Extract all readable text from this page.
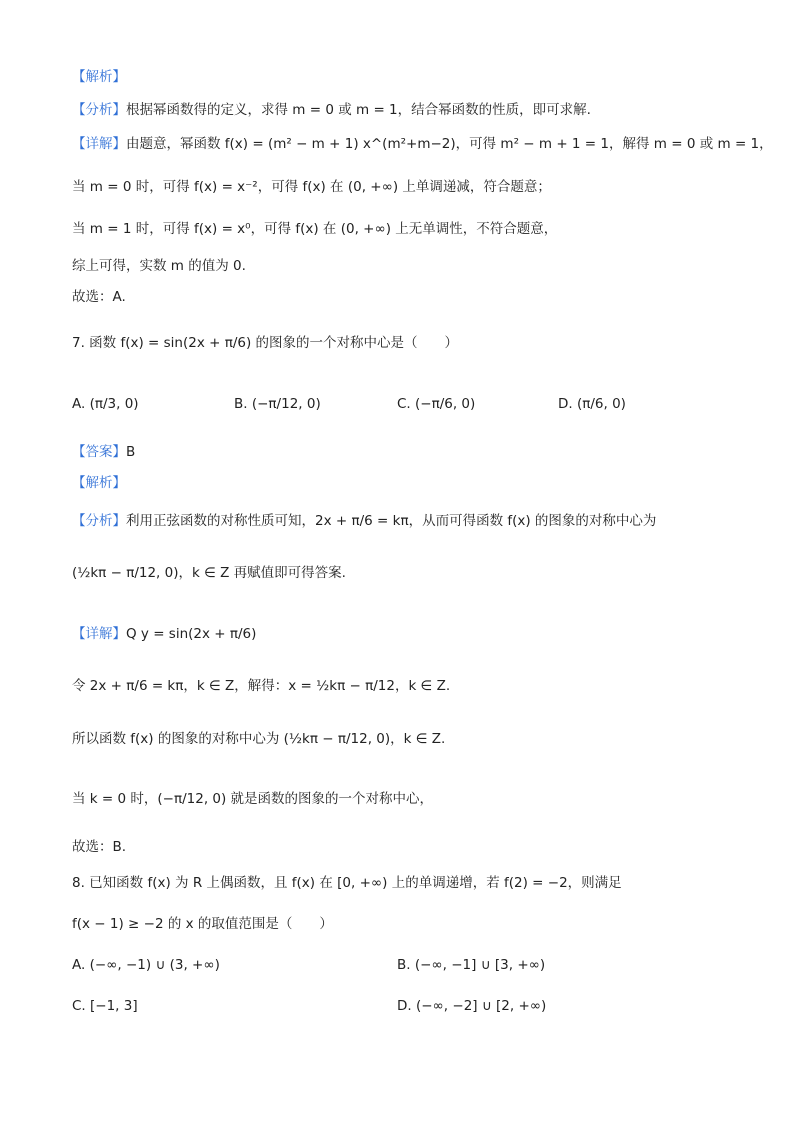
【解析】
【分析】根据幂函数得的定义，求得 m = 0 或 m = 1，结合幂函数的性质，即可求解.
【详解】由题意，幂函数 f(x) = (m² − m + 1) x^(m²+m−2)，可得 m² − m + 1 = 1，解得 m = 0 或 m = 1，
当 m = 0 时，可得 f(x) = x⁻²，可得 f(x) 在 (0, +∞) 上单调递减，符合题意；
当 m = 1 时，可得 f(x) = x⁰，可得 f(x) 在 (0, +∞) 上无单调性，不符合题意，
综上可得，实数 m 的值为 0.
故选：A.
7. 函数 f(x) = sin(2x + π/6) 的图象的一个对称中心是（　　）
A. (π/3, 0)	B. (−π/12, 0)	C. (−π/6, 0)	D. (π/6, 0)
【答案】B
【解析】
【分析】利用正弦函数的对称性质可知，2x + π/6 = kπ，从而可得函数 f(x) 的图象的对称中心为
(½kπ − π/12, 0)，k ∈ Z 再赋值即可得答案.
【详解】Q y = sin(2x + π/6)
令 2x + π/6 = kπ，k ∈ Z，解得：x = ½kπ − π/12，k ∈ Z.
所以函数 f(x) 的图象的对称中心为 (½kπ − π/12, 0)，k ∈ Z.
当 k = 0 时，(−π/12, 0) 就是函数的图象的一个对称中心，
故选：B.
8. 已知函数 f(x) 为 R 上偶函数，且 f(x) 在 [0, +∞) 上的单调递增，若 f(2) = −2，则满足
f(x − 1) ≥ −2 的 x 的取值范围是（　　）
A. (−∞, −1) ∪ (3, +∞)	B. (−∞, −1] ∪ [3, +∞)
C. [−1, 3]	D. (−∞, −2] ∪ [2, +∞)
